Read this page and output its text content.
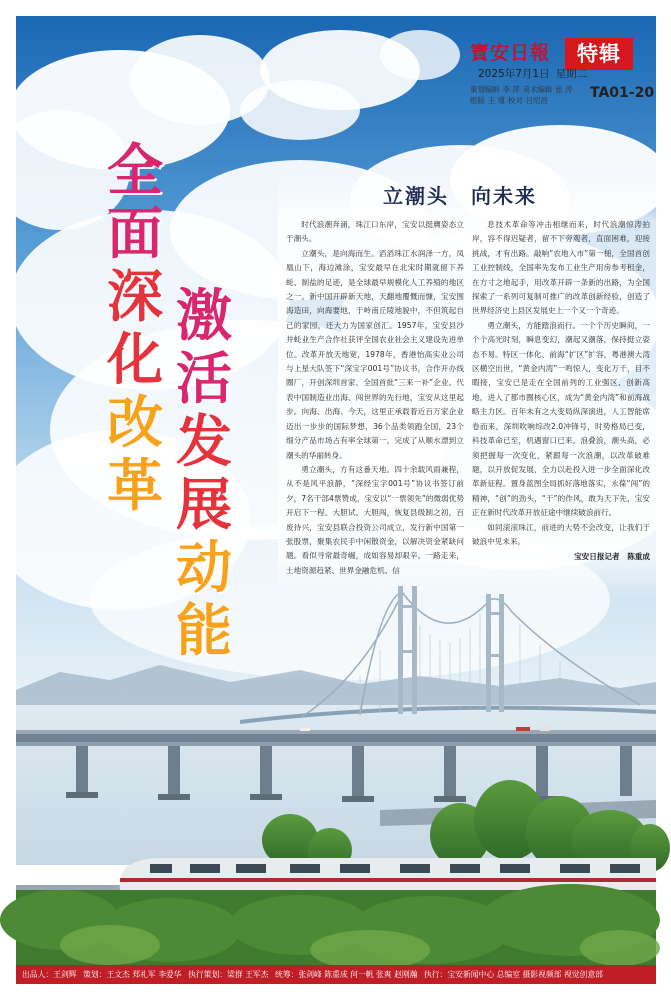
寶安日報	特辑
2025年7月1日 星期二
策划编辑 李 萍 美术编辑 张 涛
组版 王 瑾 校对 吕绍昌	TA01-20
全
面
深
化
改
革
激
活
发
展
动
能
立潮头　向未来

时代浪潮奔涌，珠江口东岸，宝安以挺膺姿态立于潮头。

立潮头，是向海而生。滔滔珠江水润泽一方，凤凰山下，海边滩涂，宝安最早在北宋时期就留下养蚝、制盐的足迹，是全球最早规模化人工养殖的地区之一。新中国开辟新天地，天翻地覆慨而慷，宝安围海造田，向海要地，于岭南丘陵地貌中，不但筑起自己的家园，还大力为国家创汇。1957年，宝安县沙井蚝业生产合作社获评全国农业社会主义建设先进单位。改革开放天地宽，1978年，香港怡高实业公司与上星大队签下“深宝字001号”协议书，合作开办线圈厂，开创深圳首家、全国首批“三来一补”企业。代表中国制造业出海、闯世界的先行地，宝安从这里起步。向海、出海、今天，这里正承载着近百万家企业迈出一步步的国际梦想，36个品类领跑全国，23个细分产品市场占有率全球第一，完成了从顺水漂到立潮头的华丽转身。

勇立潮头，方有这番天地。四十余载风雨兼程，从不是风平浪静，“深经宝字001号”协议书签订前夕，7名干部4票赞成，宝安以“一票领先”的微弱优势开启下一程。大胆试，大胆闯，恢复县级制之初，百废待兴，宝安县联合投资公司成立，发行新中国第一张股票，聚集农民手中闲散资金，以解决资金紧缺问题。看似寻常最奇崛，成如容易却艰辛。一路走来，土地资源趋紧、世界金融危机、信

息技术革命等冲击相继而来，时代浪潮惊涛拍岸，容不得迟疑者，留不下旁观者，直面困难，迎接挑战，才有出路。敲响“农地入市”第一槌，全国首创工业控制线，全国率先发布工业生产用房参考租金，在方寸之地起手，用改革开辟一条新的出路，为全国探索了一系列可复制可推广的改革创新经验，创造了世界经济史上县区发展史上一个又一个奇迹。

勇立潮头，方能踏浪而行。一个个历史瞬间，一个个高光时刻，瞬息变幻，潮起又潮落，保持挺立姿态不易。特区一体化、前海“扩区”扩容，粤港澳大湾区横空出世，“黄金内湾”一鸣惊人，变化万千，目不暇接，宝安已是走在全国前列的工业强区、创新高地，进入了都市圈核心区，成为“黄金内湾”和前海战略主力区。百年未有之大变局纵深演进，人工智能席卷而来，深圳吹响综改2.0冲锋号，时势格局已变，科技革命已至，机遇窗口已来。浪叠浪，潮头高，必须把握每一次变化，紧跟每一次浪潮，以改革破难题，以开放促发展，全力以赴投入进一步全面深化改革新征程。置身蓝图全局抓好落地落实，永葆“闯”的精神，“创”的劲头，“干”的作风，敢为天下先，宝安正在新时代改革开放征途中继续破浪前行。

如同滚滚珠江，前进的大势不会改变，让我们于破浪中见未来。

宝安日报记者　陈重成
出品人：王剑辉 策划：王文杰 郑礼军 李爱华 执行策划：梁群 王军杰 统筹：张剑峰 陈重成 何一帆 张爽 赵刚瀚 执行：宝安新闻中心 总编室 摄影视频部 视觉创意部
